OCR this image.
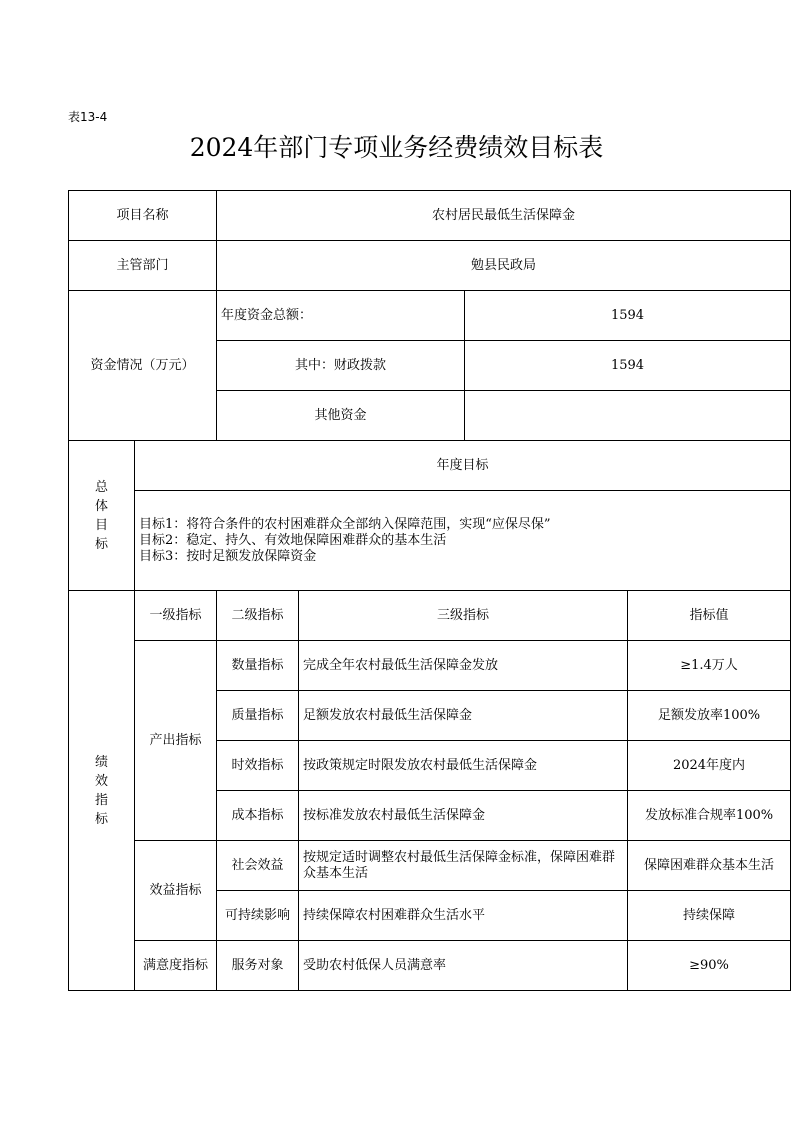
表13-4
2024年部门专项业务经费绩效目标表
项目名称		农村居民最低生活保障金			
主管部门		勉县民政局			
资金情况（万元）		年度资金总额：		1594	
		其中：财政拨款		1594	
		其他资金			

总
体
目
标	年度目标				

	目标1：将符合条件的农村困难群众全部纳入保障范围，实现“应保尽保”
目标2：稳定、持久、有效地保障困难群众的基本生活
目标3：按时足额发放保障资金				

绩
效
指
标	一级指标	二级指标	三级指标		指标值
	产出指标	数量指标	完成全年农村最低生活保障金发放		≥1.4万人
		质量指标	足额发放农村最低生活保障金		足额发放率100%
		时效指标	按政策规定时限发放农村最低生活保障金		2024年度内
		成本指标	按标准发放农村最低生活保障金		发放标准合规率100%
	效益指标	社会效益	按规定适时调整农村最低生活保障金标准，保障困难群众基本生活		保障困难群众基本生活
		可持续影响	持续保障农村困难群众生活水平		持续保障
	满意度指标	服务对象	受助农村低保人员满意率		≥90%
